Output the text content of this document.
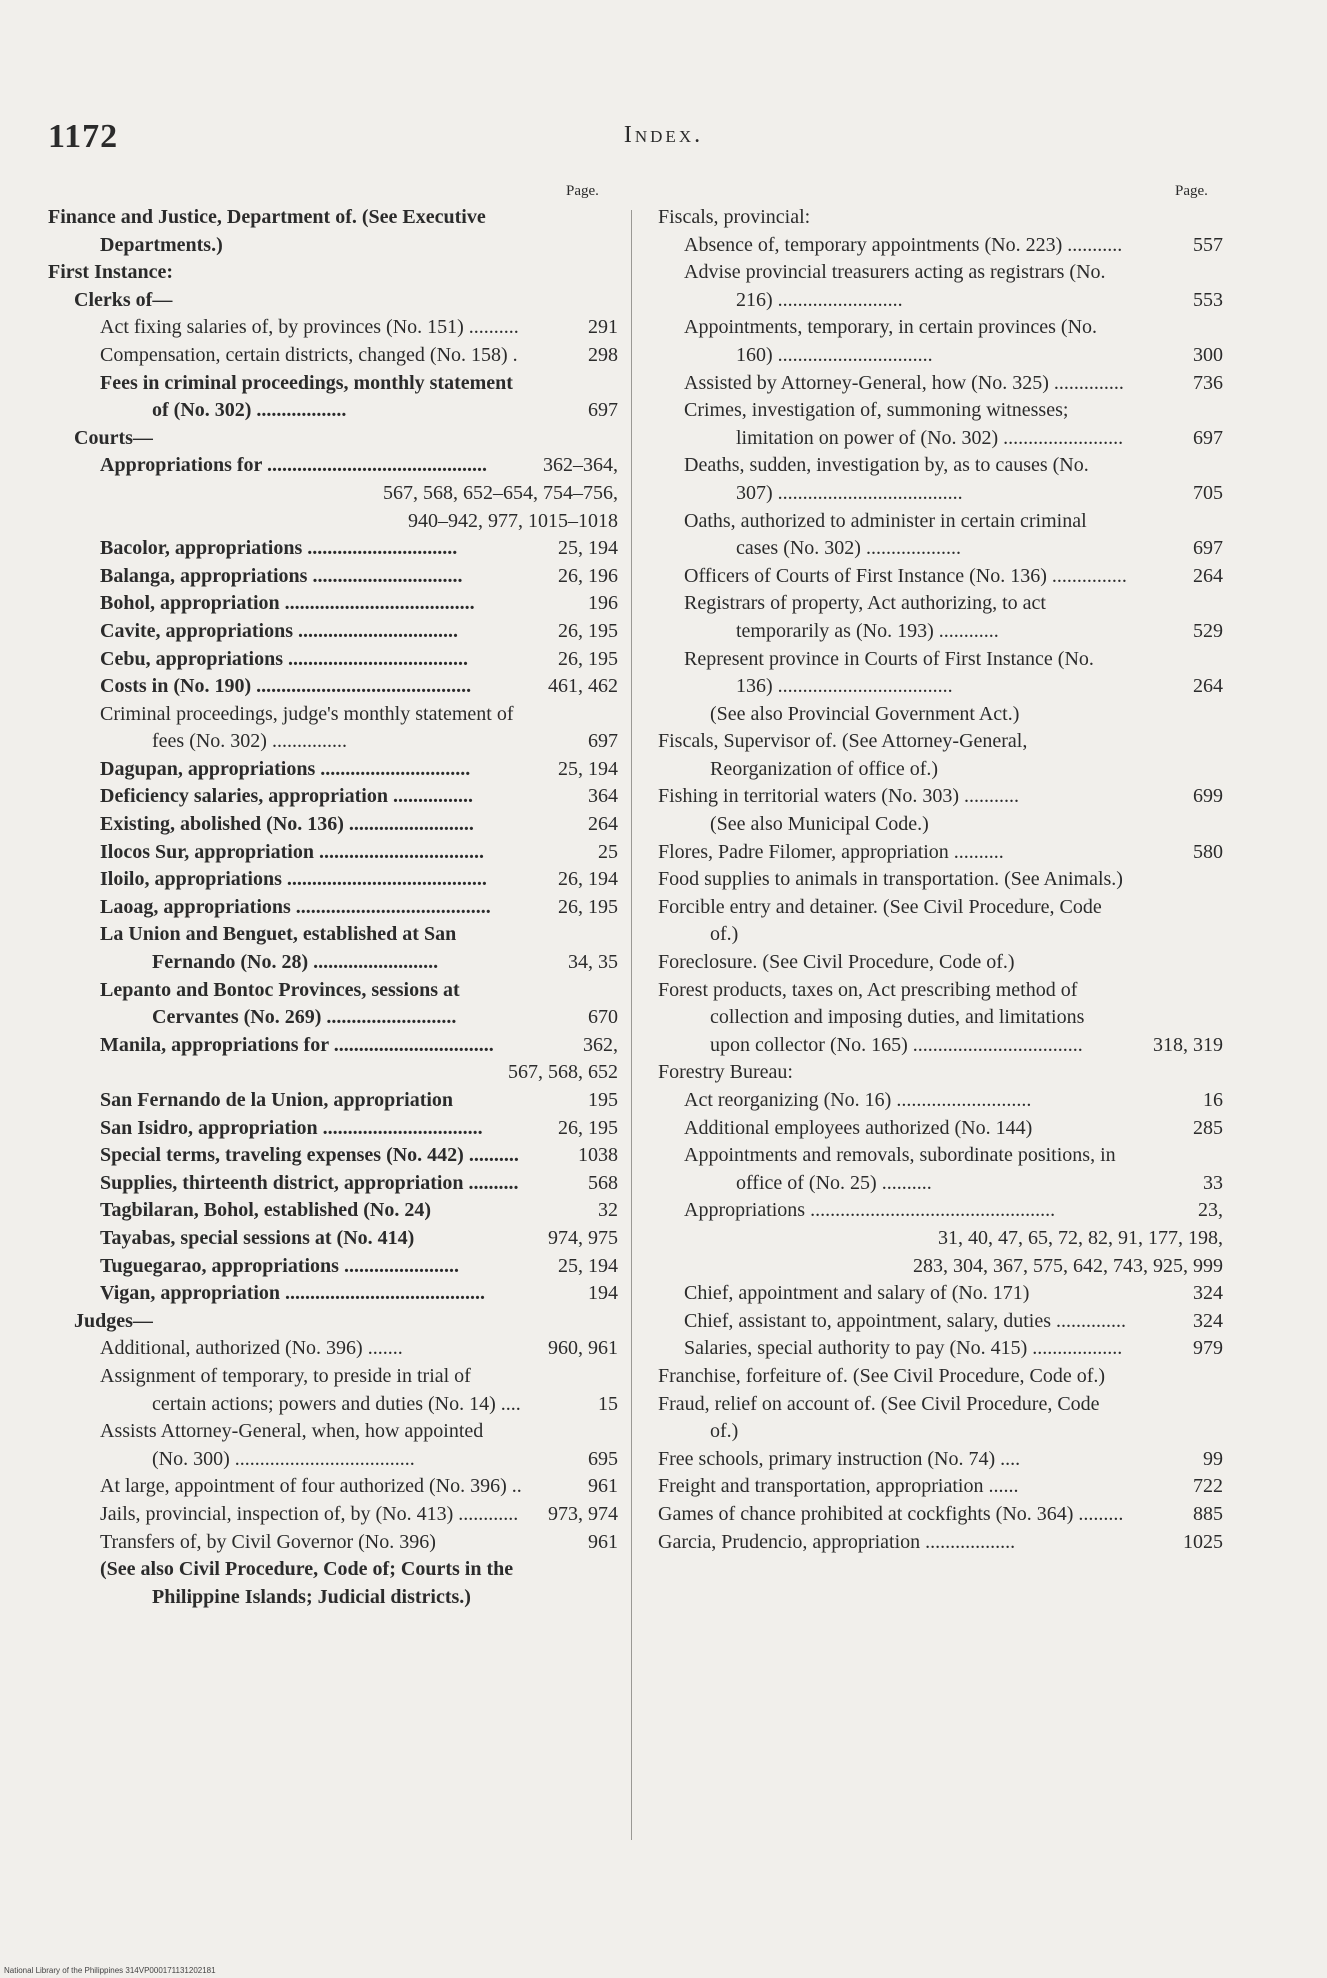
1172	Index.
Page.	Page.
Finance and Justice, Department of. (See Executive Departments.)
First Instance:
Clerks of—
Act fixing salaries of, by provinces (No. 151) ..........	291
Compensation, certain districts, changed (No. 158) .	298
Fees in criminal proceedings, monthly statement of (No. 302) ..................	697
Courts—
Appropriations for ............................................	362–364,
567, 568, 652–654, 754–756,
940–942, 977, 1015–1018
Bacolor, appropriations ..............................	25, 194
Balanga, appropriations ..............................	26, 196
Bohol, appropriation ......................................	196
Cavite, appropriations ................................	26, 195
Cebu, appropriations ....................................	26, 195
Costs in (No. 190) ...........................................	461, 462
Criminal proceedings, judge's monthly statement of fees (No. 302) ...............	697
Dagupan, appropriations ..............................	25, 194
Deficiency salaries, appropriation ................	364
Existing, abolished (No. 136) .........................	264
Ilocos Sur, appropriation .................................	25
Iloilo, appropriations ........................................	26, 194
Laoag, appropriations .......................................	26, 195
La Union and Benguet, established at San Fernando (No. 28) .........................	34, 35
Lepanto and Bontoc Provinces, sessions at Cervantes (No. 269) ..........................	670
Manila, appropriations for ................................	362,
567, 568, 652
San Fernando de la Union, appropriation	195
San Isidro, appropriation ................................	26, 195
Special terms, traveling expenses (No. 442) ..........	1038
Supplies, thirteenth district, appropriation ..........	568
Tagbilaran, Bohol, established (No. 24)	32
Tayabas, special sessions at (No. 414)	974, 975
Tuguegarao, appropriations .......................	25, 194
Vigan, appropriation ........................................	194
Judges—
Additional, authorized (No. 396) .......	960, 961
Assignment of temporary, to preside in trial of certain actions; powers and duties (No. 14) ....	15
Assists Attorney-General, when, how appointed (No. 300) ....................................	695
At large, appointment of four authorized (No. 396) ..	961
Jails, provincial, inspection of, by (No. 413) ............	973, 974
Transfers of, by Civil Governor (No. 396)	961
(See also Civil Procedure, Code of; Courts in the Philippine Islands; Judicial districts.)
Fiscals, provincial:
Absence of, temporary appointments (No. 223) ...........	557
Advise provincial treasurers acting as registrars (No. 216) .........................	553
Appointments, temporary, in certain provinces (No. 160) ...............................	300
Assisted by Attorney-General, how (No. 325) ..............	736
Crimes, investigation of, summoning witnesses; limitation on power of (No. 302) ........................	697
Deaths, sudden, investigation by, as to causes (No. 307) .....................................	705
Oaths, authorized to administer in certain criminal cases (No. 302) ...................	697
Officers of Courts of First Instance (No. 136) ...............	264
Registrars of property, Act authorizing, to act temporarily as (No. 193) ............	529
Represent province in Courts of First Instance (No. 136) ...................................	264
(See also Provincial Government Act.)
Fiscals, Supervisor of. (See Attorney-General, Reorganization of office of.)
Fishing in territorial waters (No. 303) ...........	699
(See also Municipal Code.)
Flores, Padre Filomer, appropriation ..........	580
Food supplies to animals in transportation. (See Animals.)
Forcible entry and detainer. (See Civil Procedure, Code of.)
Foreclosure. (See Civil Procedure, Code of.)
Forest products, taxes on, Act prescribing method of collection and imposing duties, and limitations upon collector (No. 165) ..................................	318, 319
Forestry Bureau:
Act reorganizing (No. 16) ...........................	16
Additional employees authorized (No. 144)	285
Appointments and removals, subordinate positions, in office of (No. 25) ..........	33
Appropriations .................................................	23,
31, 40, 47, 65, 72, 82, 91, 177, 198,
283, 304, 367, 575, 642, 743, 925, 999
Chief, appointment and salary of (No. 171)	324
Chief, assistant to, appointment, salary, duties ..............	324
Salaries, special authority to pay (No. 415) ..................	979
Franchise, forfeiture of. (See Civil Procedure, Code of.)
Fraud, relief on account of. (See Civil Procedure, Code of.)
Free schools, primary instruction (No. 74) ....	99
Freight and transportation, appropriation ......	722
Games of chance prohibited at cockfights (No. 364) .........	885
Garcia, Prudencio, appropriation ..................	1025
National Library of the Philippines 314VP000171131202181
